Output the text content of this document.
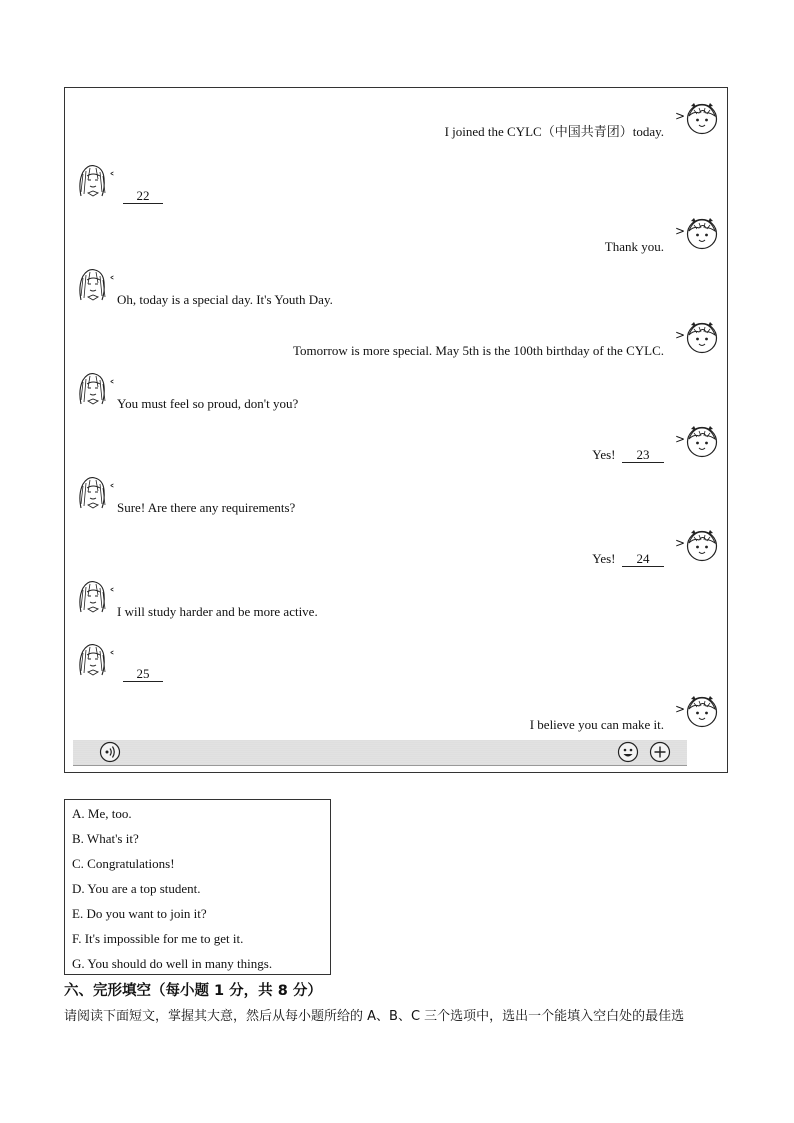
I joined the CYLC（中国共青团）today.
>
˂
22
Thank you.
>
˂
Oh, today is a special day. It's Youth Day.
Tomorrow is more special. May 5th is the 100th birthday of the CYLC.
>
˂
You must feel so proud, don't you?
Yes! 23
>
˂
Sure! Are there any requirements?
Yes! 24
>
˂
I will study harder and be more active.
˂
25
I believe you can make it.
>
A. Me, too.
B. What's it?
C. Congratulations!
D. You are a top student.
E. Do you want to join it?
F. It's impossible for me to get it.
G. You should do well in many things.
六、完形填空（每小题 1 分，共 8 分）
请阅读下面短文，掌握其大意，然后从每小题所给的 A、B、C 三个选项中，选出一个能填入空白处的最佳选
